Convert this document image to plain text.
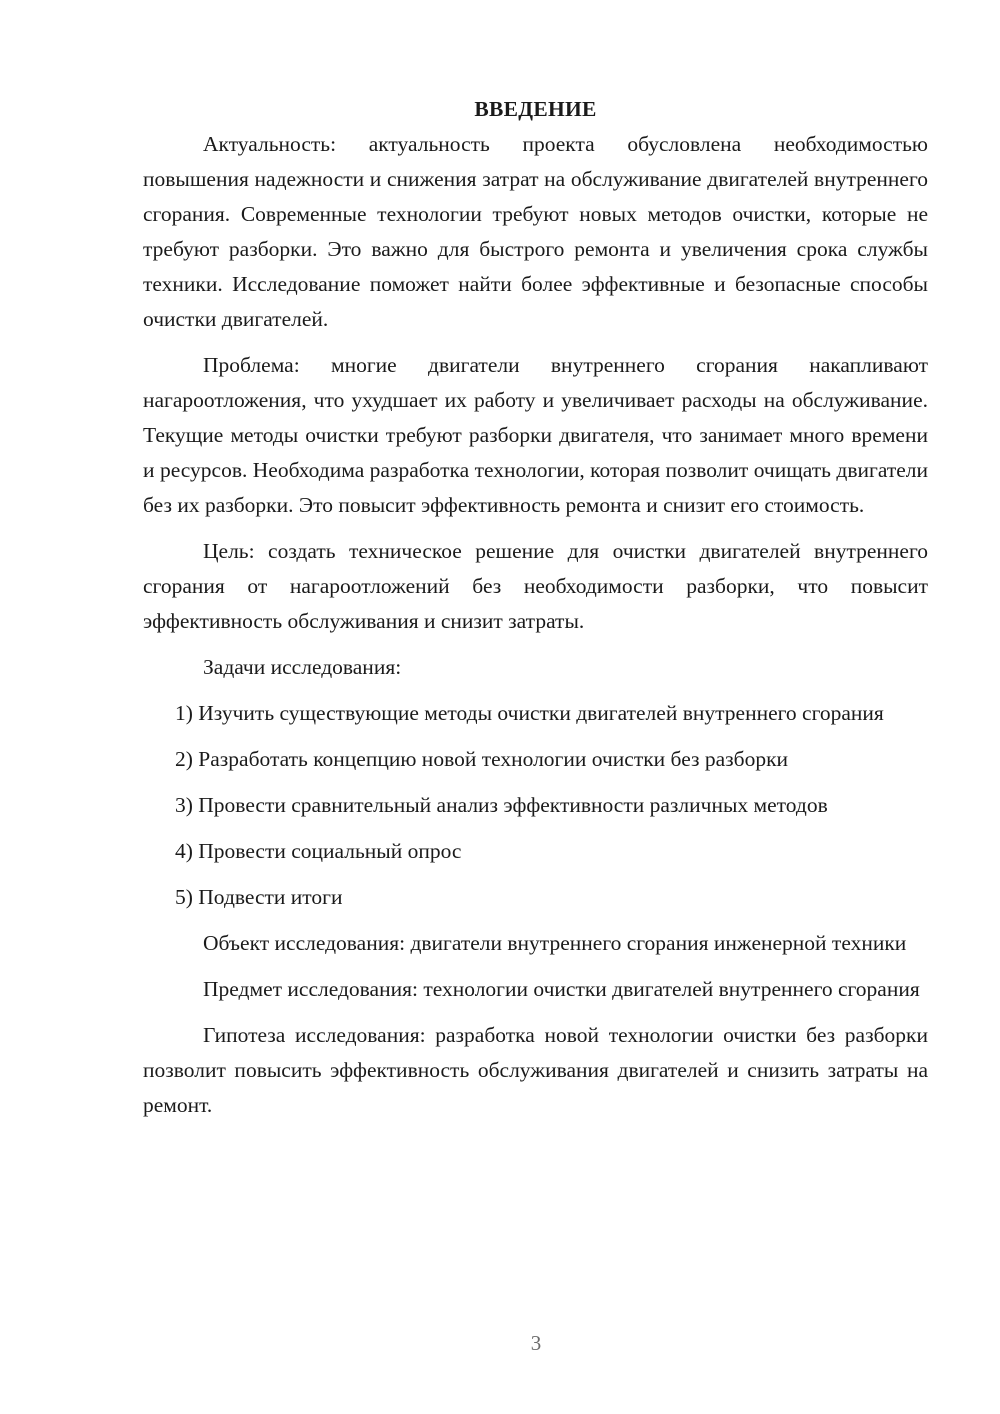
ВВЕДЕНИЕ

Актуальность: актуальность проекта обусловлена необходимостью повышения надежности и снижения затрат на обслуживание двигателей внутреннего сгорания. Современные технологии требуют новых методов очистки, которые не требуют разборки. Это важно для быстрого ремонта и увеличения срока службы техники. Исследование поможет найти более эффективные и безопасные способы очистки двигателей.

Проблема: многие двигатели внутреннего сгорания накапливают нагароотложения, что ухудшает их работу и увеличивает расходы на обслуживание. Текущие методы очистки требуют разборки двигателя, что занимает много времени и ресурсов. Необходима разработка технологии, которая позволит очищать двигатели без их разборки. Это повысит эффективность ремонта и снизит его стоимость.

Цель: создать техническое решение для очистки двигателей внутреннего сгорания от нагароотложений без необходимости разборки, что повысит эффективность обслуживания и снизит затраты.

Задачи исследования:

1) Изучить существующие методы очистки двигателей внутреннего сгорания

2) Разработать концепцию новой технологии очистки без разборки

3) Провести сравнительный анализ эффективности различных методов

4) Провести социальный опрос

5) Подвести итоги

Объект исследования: двигатели внутреннего сгорания инженерной техники

Предмет исследования: технологии очистки двигателей внутреннего сгорания

Гипотеза исследования: разработка новой технологии очистки без разборки позволит повысить эффективность обслуживания двигателей и снизить затраты на ремонт.

3
